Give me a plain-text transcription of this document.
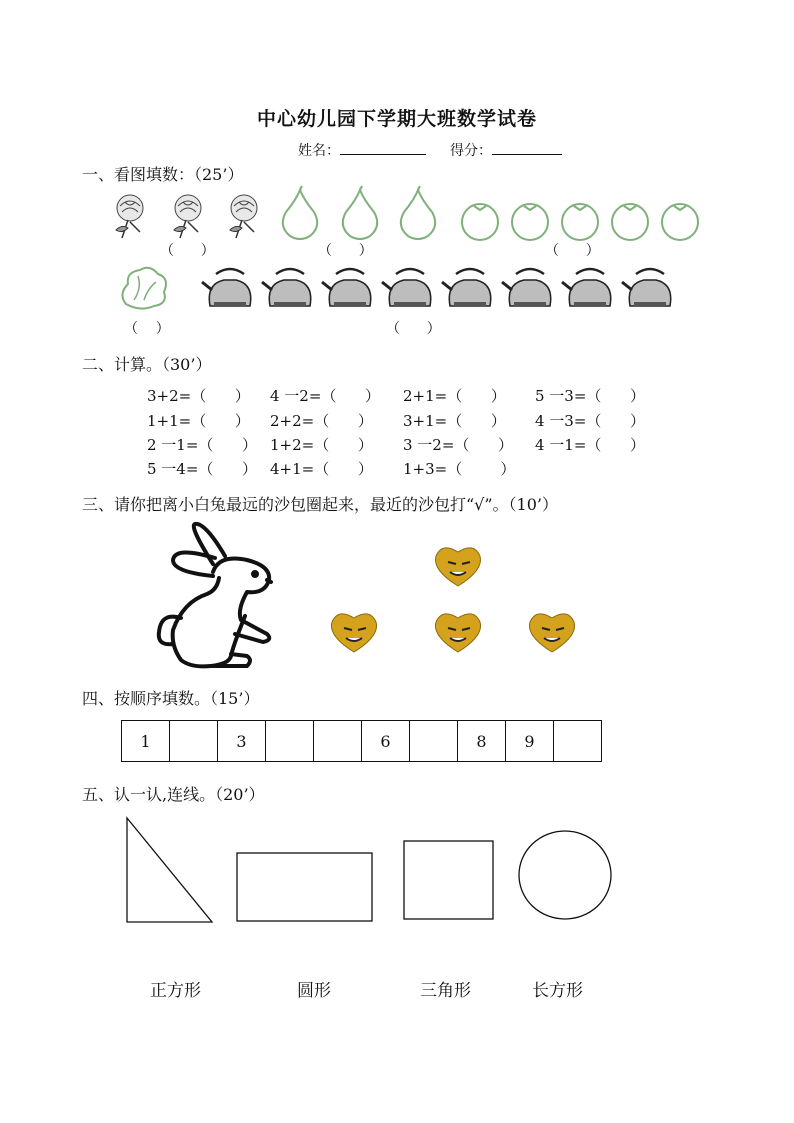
中心幼儿园下学期大班数学试卷
姓名：	得分：
一、看图填数：（25’）
（      ）	（      ）	（      ）
（    ）	（      ）
二、计算。（30’）
3+2=（      ） 4 一2=（      ） 2+1=（      ） 5 一3=（      ）
1+1=（      ） 2+2=（      ） 3+1=（      ） 4 一3=（      ）
2 一1=（      ） 1+2=（      ） 3 一2=（      ） 4 一1=（      ）
5 一4=（      ） 4+1=（      ） 1+3=（        ）
三、请你把离小白兔最远的沙包圈起来，最近的沙包打“√”。（10’）
四、按顺序填数。（15’）
1		3			6		8	9	
五、认一认,连线。（20’）
正方形	圆形	三角形	长方形
